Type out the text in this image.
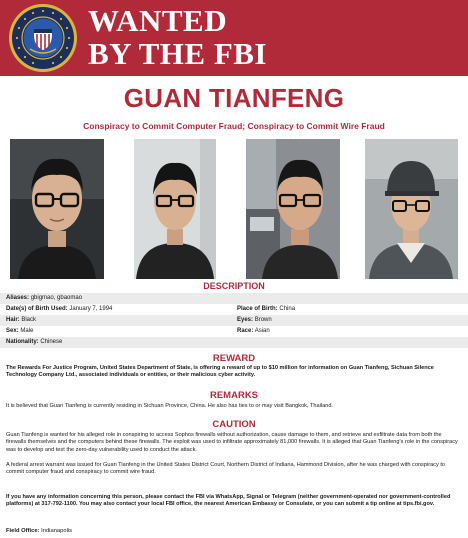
WANTED
BY THE FBI
GUAN TIANFENG
Conspiracy to Commit Computer Fraud; Conspiracy to Commit Wire Fraud
DESCRIPTION
Aliases: gbigmao, gbaomao
Date(s) of Birth Used: January 7, 1994	Place of Birth: China
Hair: Black	Eyes: Brown
Sex: Male	Race: Asian
Nationality: Chinese
REWARD
The Rewards For Justice Program, United States Department of State, is offering a reward of up to $10 million for information on Guan Tianfeng, Sichuan Silence Technology Company Ltd., associated individuals or entities, or their malicious cyber activity.
REMARKS
It is believed that Guan Tianfeng is currently residing in Sichuan Province, China. He also has ties to or may visit Bangkok, Thailand.
CAUTION
Guan Tianfeng is wanted for his alleged role in conspiring to access Sophos firewalls without authorization, cause damage to them, and retrieve and exfiltrate data from both the firewalls themselves and the computers behind these firewalls. The exploit was used to infiltrate approximately 81,000 firewalls. It is alleged that Guan Tianfeng's role in the conspiracy was to develop and test the zero-day vulnerability used to conduct the attack.
A federal arrest warrant was issued for Guan Tianfeng in the United States District Court, Northern District of Indiana, Hammond Division, after he was charged with conspiracy to commit computer fraud and conspiracy to commit wire fraud.
If you have any information concerning this person, please contact the FBI via WhatsApp, Signal or Telegram (neither government-operated nor government-controlled platforms) at 317-792-1100. You may also contact your local FBI office, the nearest American Embassy or Consulate, or you can submit a tip online at tips.fbi.gov.
Field Office: Indianapolis
